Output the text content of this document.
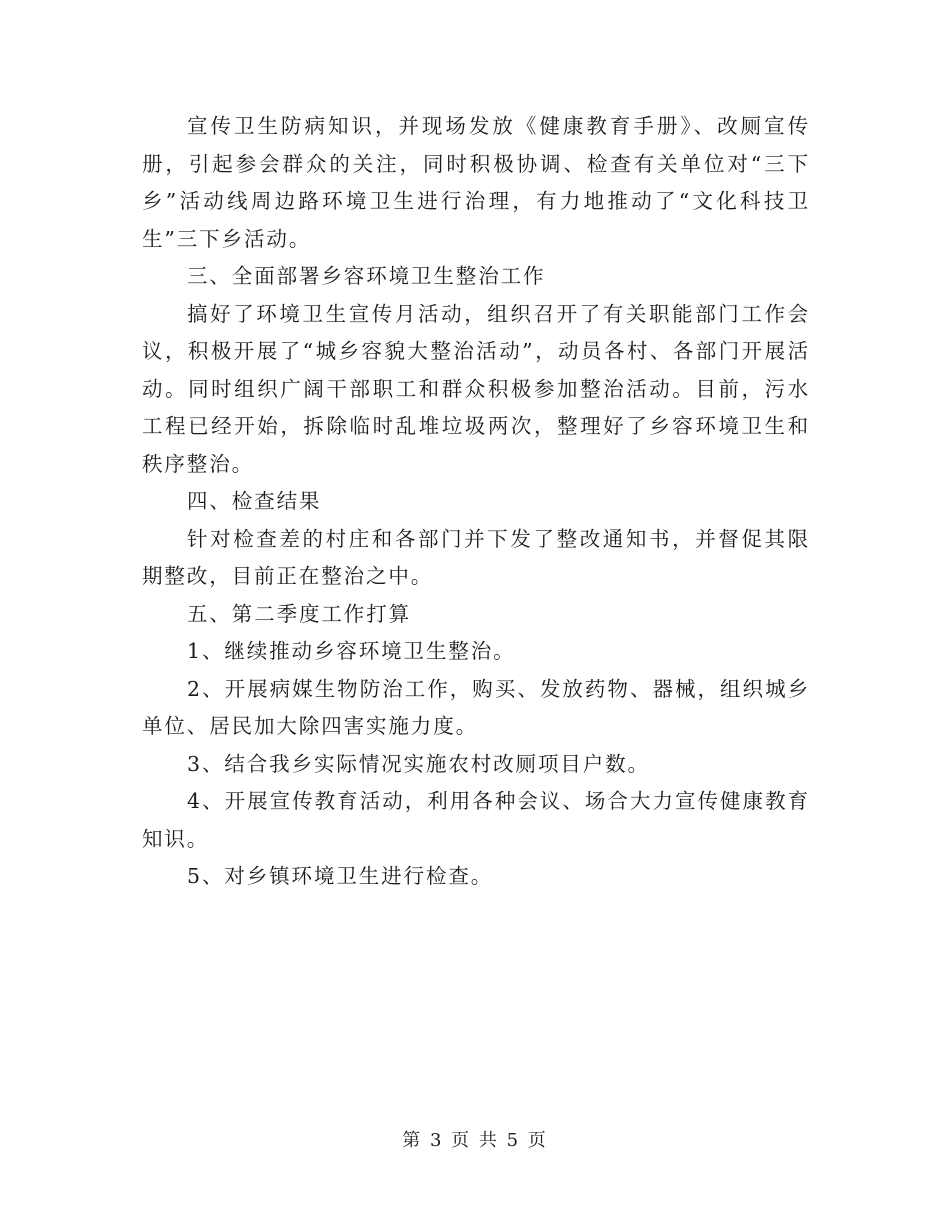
宣传卫生防病知识，并现场发放《健康教育手册》、改厕宣传册，引起参会群众的关注，同时积极协调、检查有关单位对“三下乡”活动线周边路环境卫生进行治理，有力地推动了“文化科技卫生”三下乡活动。

三、全面部署乡容环境卫生整治工作

搞好了环境卫生宣传月活动，组织召开了有关职能部门工作会议，积极开展了“城乡容貌大整治活动”，动员各村、各部门开展活动。同时组织广阔干部职工和群众积极参加整治活动。目前，污水工程已经开始，拆除临时乱堆垃圾两次，整理好了乡容环境卫生和秩序整治。

四、检查结果

针对检查差的村庄和各部门并下发了整改通知书，并督促其限期整改，目前正在整治之中。

五、第二季度工作打算

1、继续推动乡容环境卫生整治。

2、开展病媒生物防治工作，购买、发放药物、器械，组织城乡单位、居民加大除四害实施力度。

3、结合我乡实际情况实施农村改厕项目户数。

4、开展宣传教育活动，利用各种会议、场合大力宣传健康教育知识。

5、对乡镇环境卫生进行检查。

第 3 页 共 5 页
